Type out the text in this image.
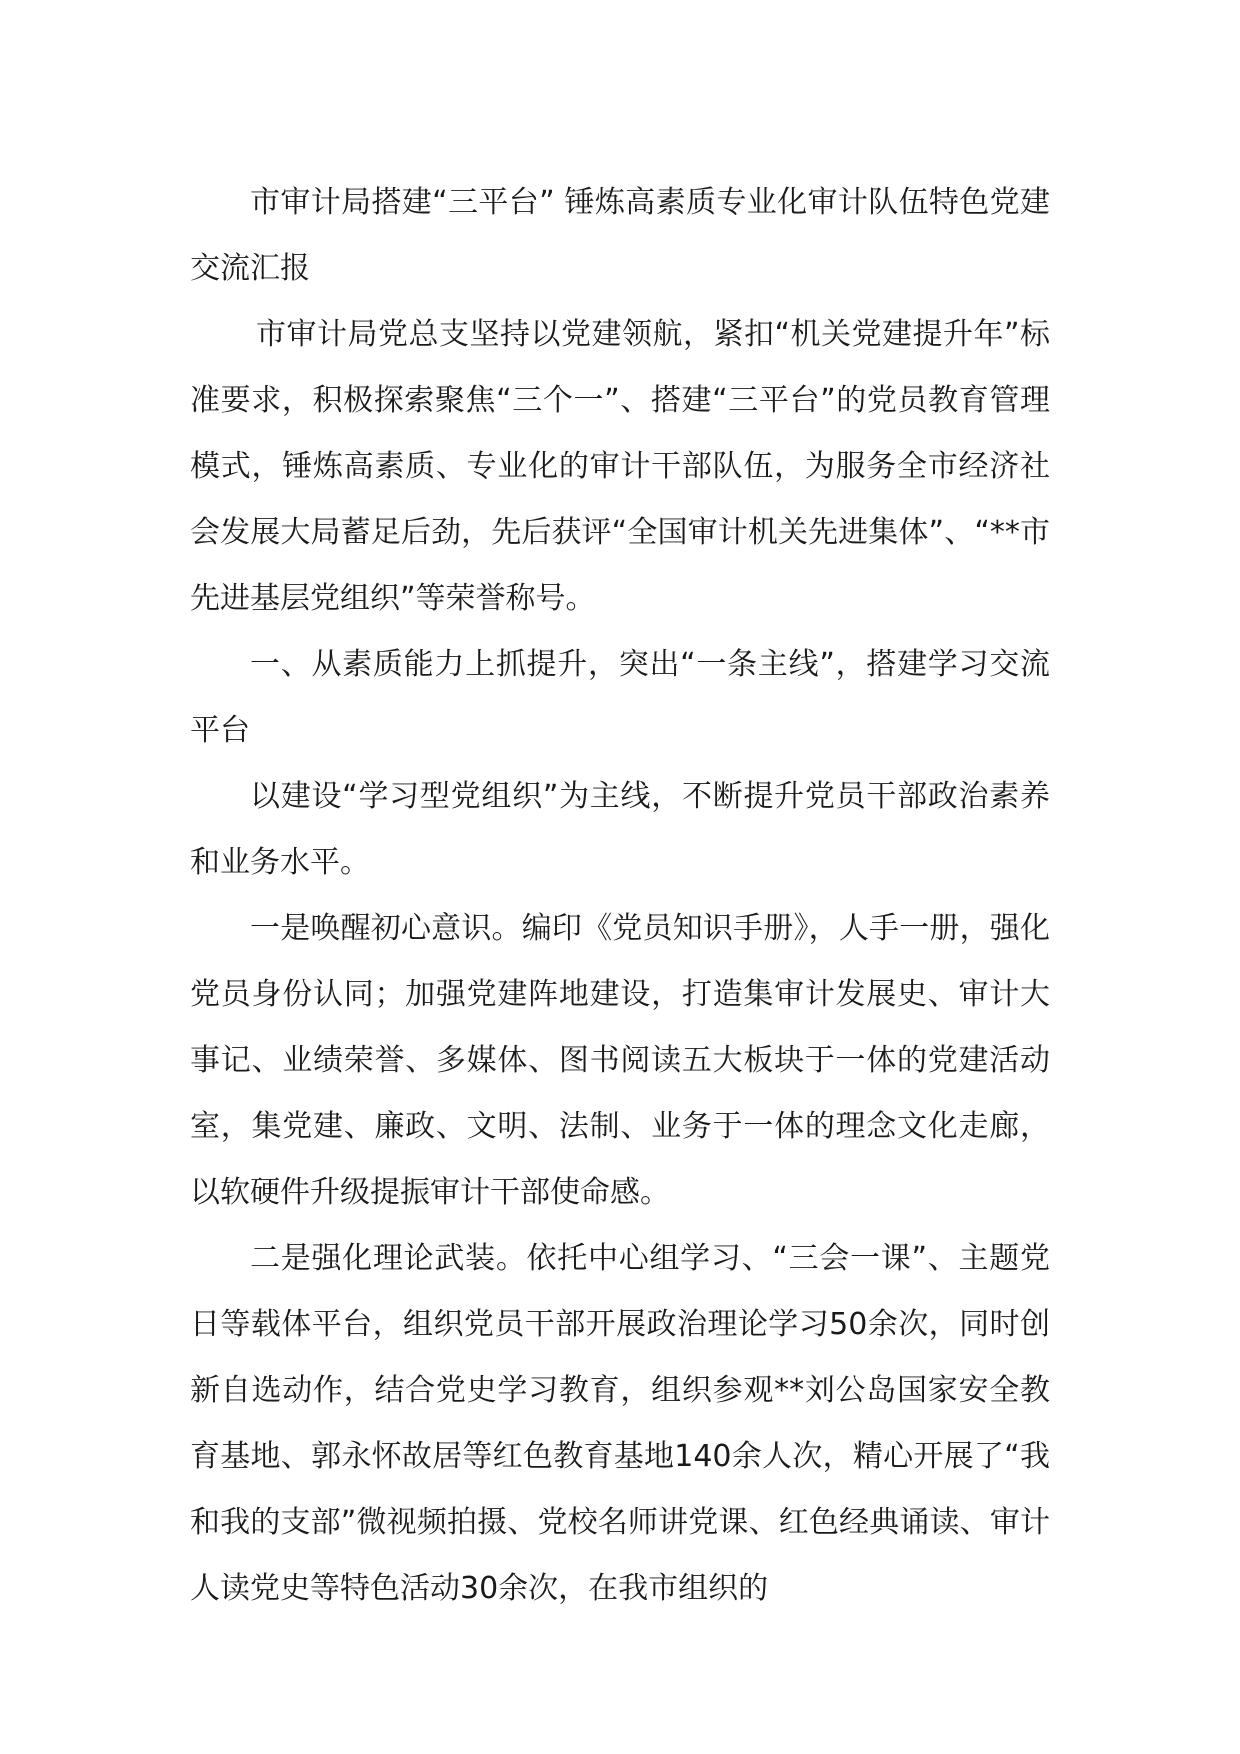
市审计局搭建“三平台” 锤炼高素质专业化审计队伍特色党建交流汇报

市审计局党总支坚持以党建领航，紧扣“机关党建提升年”标准要求，积极探索聚焦“三个一”、搭建“三平台”的党员教育管理模式，锤炼高素质、专业化的审计干部队伍，为服务全市经济社会发展大局蓄足后劲，先后获评“全国审计机关先进集体”、“**市先进基层党组织”等荣誉称号。

一、从素质能力上抓提升，突出“一条主线”，搭建学习交流平台

以建设“学习型党组织”为主线，不断提升党员干部政治素养和业务水平。

一是唤醒初心意识。编印《党员知识手册》，人手一册，强化党员身份认同；加强党建阵地建设，打造集审计发展史、审计大事记、业绩荣誉、多媒体、图书阅读五大板块于一体的党建活动室，集党建、廉政、文明、法制、业务于一体的理念文化走廊，以软硬件升级提振审计干部使命感。

二是强化理论武装。依托中心组学习、“三会一课”、主题党日等载体平台，组织党员干部开展政治理论学习50余次，同时创新自选动作，结合党史学习教育，组织参观**刘公岛国家安全教育基地、郭永怀故居等红色教育基地140余人次，精心开展了“我和我的支部”微视频拍摄、党校名师讲党课、红色经典诵读、审计人读党史等特色活动30余次，在我市组织的
